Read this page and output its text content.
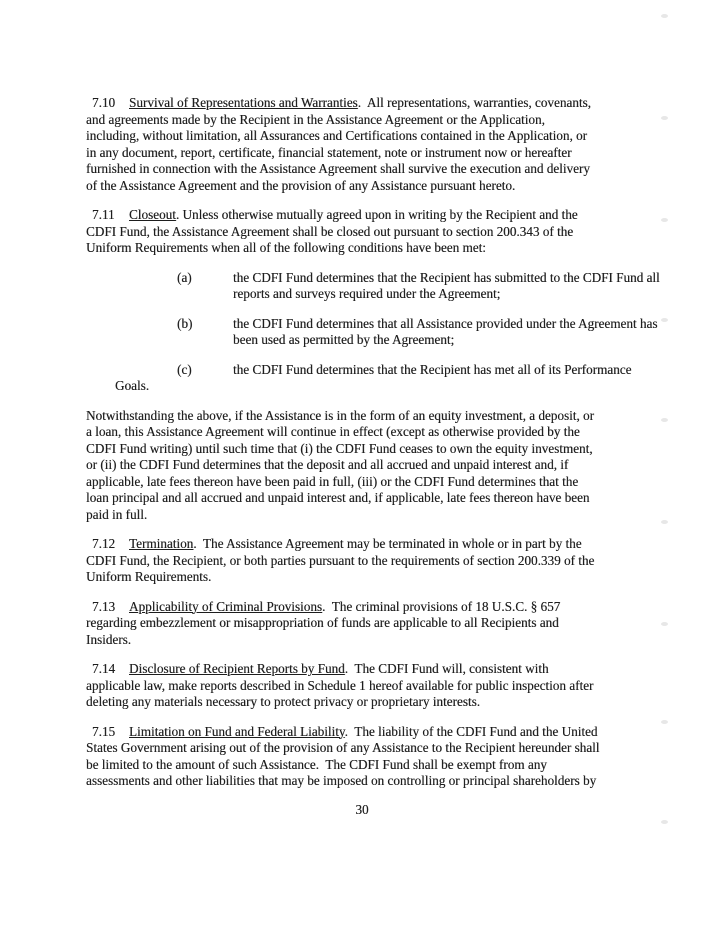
7.10 Survival of Representations and Warranties.  All representations, warranties, covenants,
and agreements made by the Recipient in the Assistance Agreement or the Application,
including, without limitation, all Assurances and Certifications contained in the Application, or
in any document, report, certificate, financial statement, note or instrument now or hereafter
furnished in connection with the Assistance Agreement shall survive the execution and delivery
of the Assistance Agreement and the provision of any Assistance pursuant hereto.
7.11 Closeout. Unless otherwise mutually agreed upon in writing by the Recipient and the
CDFI Fund, the Assistance Agreement shall be closed out pursuant to section 200.343 of the
Uniform Requirements when all of the following conditions have been met:
(a)	the CDFI Fund determines that the Recipient has submitted to the CDFI Fund all
reports and surveys required under the Agreement;
(b)	the CDFI Fund determines that all Assistance provided under the Agreement has
been used as permitted by the Agreement;
(c)	the CDFI Fund determines that the Recipient has met all of its Performance
Goals.
Notwithstanding the above, if the Assistance is in the form of an equity investment, a deposit, or
a loan, this Assistance Agreement will continue in effect (except as otherwise provided by the
CDFI Fund writing) until such time that (i) the CDFI Fund ceases to own the equity investment,
or (ii) the CDFI Fund determines that the deposit and all accrued and unpaid interest and, if
applicable, late fees thereon have been paid in full, (iii) or the CDFI Fund determines that the
loan principal and all accrued and unpaid interest and, if applicable, late fees thereon have been
paid in full.
7.12 Termination.  The Assistance Agreement may be terminated in whole or in part by the
CDFI Fund, the Recipient, or both parties pursuant to the requirements of section 200.339 of the
Uniform Requirements.
7.13 Applicability of Criminal Provisions.  The criminal provisions of 18 U.S.C. § 657
regarding embezzlement or misappropriation of funds are applicable to all Recipients and
Insiders.
7.14 Disclosure of Recipient Reports by Fund.  The CDFI Fund will, consistent with
applicable law, make reports described in Schedule 1 hereof available for public inspection after
deleting any materials necessary to protect privacy or proprietary interests.
7.15 Limitation on Fund and Federal Liability.  The liability of the CDFI Fund and the United
States Government arising out of the provision of any Assistance to the Recipient hereunder shall
be limited to the amount of such Assistance.  The CDFI Fund shall be exempt from any
assessments and other liabilities that may be imposed on controlling or principal shareholders by
30
